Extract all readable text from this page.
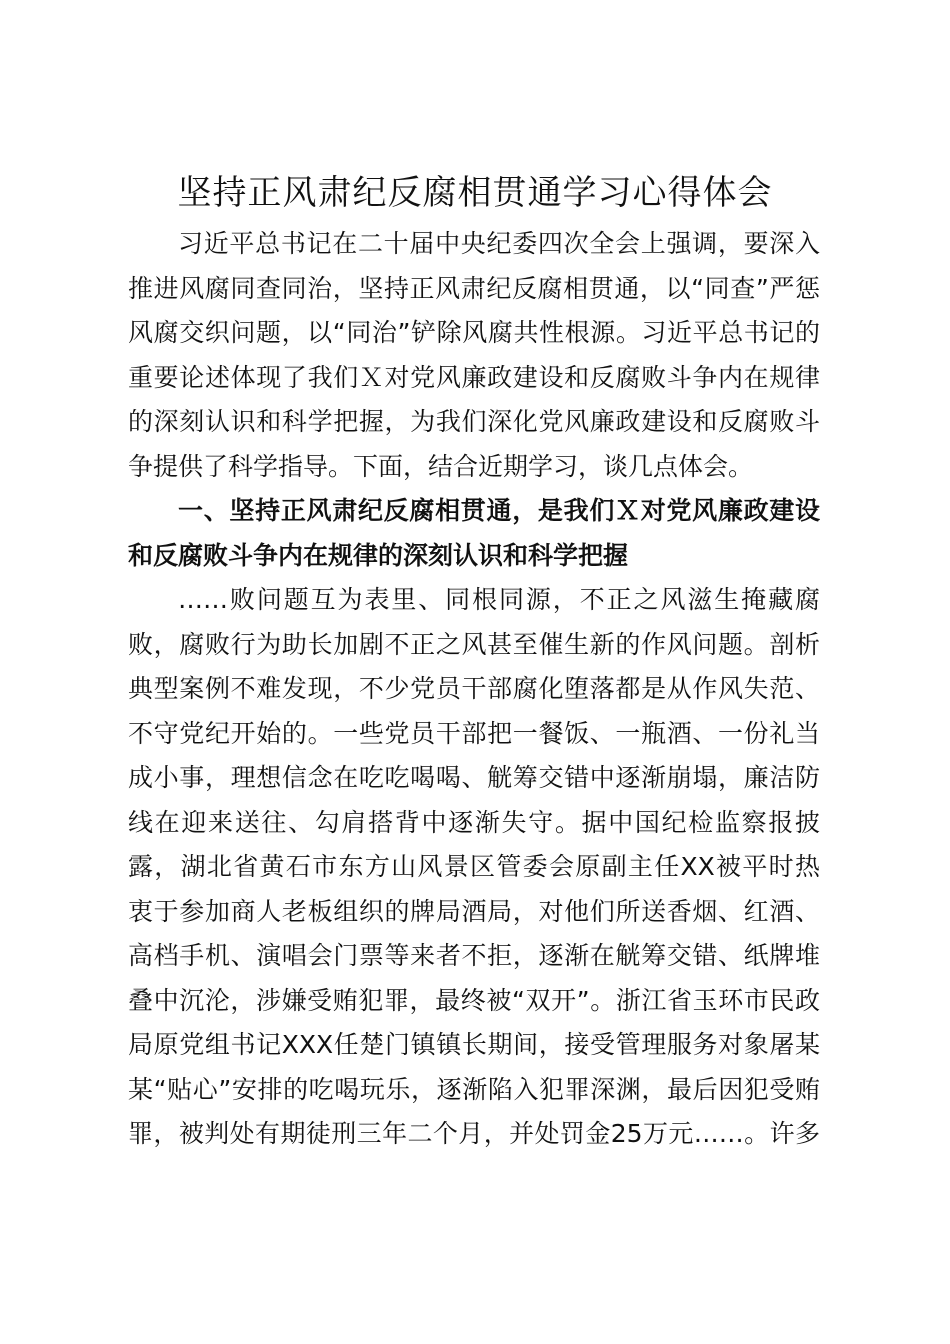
坚持正风肃纪反腐相贯通学习心得体会

习近平总书记在二十届中央纪委四次全会上强调，要深入

推进风腐同查同治，坚持正风肃纪反腐相贯通，以“同查”严惩

风腐交织问题，以“同治”铲除风腐共性根源。习近平总书记的

重要论述体现了我们Ｘ对党风廉政建设和反腐败斗争内在规律

的深刻认识和科学把握，为我们深化党风廉政建设和反腐败斗

争提供了科学指导。下面，结合近期学习，谈几点体会。

一、坚持正风肃纪反腐相贯通，是我们Ｘ对党风廉政建设

和反腐败斗争内在规律的深刻认识和科学把握

……败问题互为表里、同根同源，不正之风滋生掩藏腐

败，腐败行为助长加剧不正之风甚至催生新的作风问题。剖析

典型案例不难发现，不少党员干部腐化堕落都是从作风失范、

不守党纪开始的。一些党员干部把一餐饭、一瓶酒、一份礼当

成小事，理想信念在吃吃喝喝、觥筹交错中逐渐崩塌，廉洁防

线在迎来送往、勾肩搭背中逐渐失守。据中国纪检监察报披

露，湖北省黄石市东方山风景区管委会原副主任XX被平时热

衷于参加商人老板组织的牌局酒局，对他们所送香烟、红酒、

高档手机、演唱会门票等来者不拒，逐渐在觥筹交错、纸牌堆

叠中沉沦，涉嫌受贿犯罪，最终被“双开”。浙江省玉环市民政

局原党组书记XXX任楚门镇镇长期间，接受管理服务对象屠某

某“贴心”安排的吃喝玩乐，逐渐陷入犯罪深渊，最后因犯受贿

罪，被判处有期徒刑三年二个月，并处罚金25万元……。许多
